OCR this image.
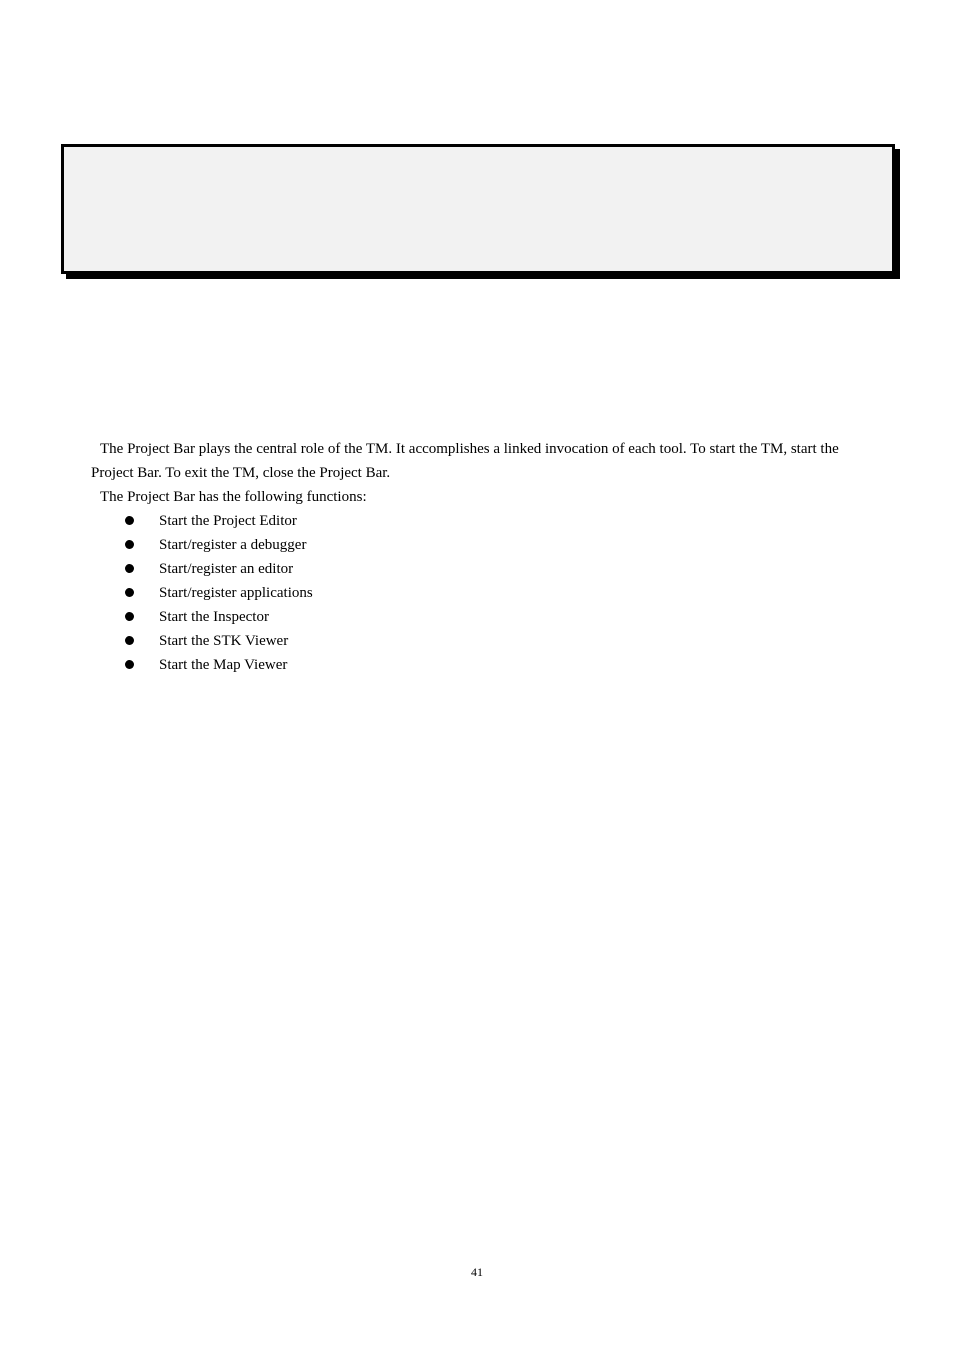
The Project Bar plays the central role of the TM. It accomplishes a linked invocation of each tool. To start the TM, start the Project Bar. To exit the TM, close the Project Bar.

The Project Bar has the following functions:

Start the Project Editor
Start/register a debugger
Start/register an editor
Start/register applications
Start the Inspector
Start the STK Viewer
Start the Map Viewer
41
